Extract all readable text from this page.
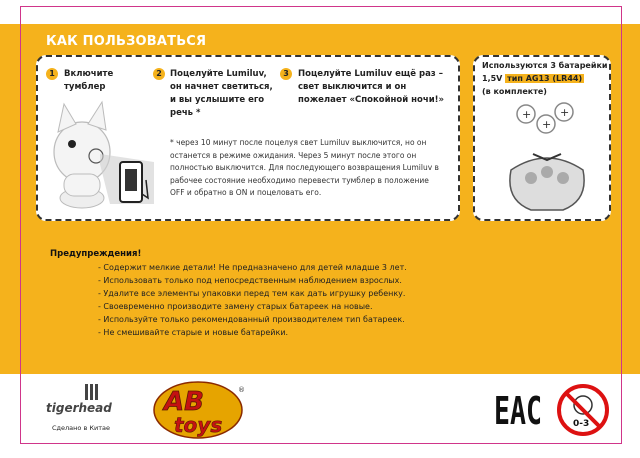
КАК ПОЛЬЗОВАТЬСЯ
1	Включите тумблер
2 Поцелуйте Lumiluv, он начнет светиться, и вы услышите его речь *
3	Поцелуйте Lumiluv ещё раз – свет выключится и он пожелает «Спокойной ночи!»
* через 10 минут после поцелуя свет Lumiluv выключится, но он останется в режиме ожидания. Через 5 минут после этого он полностью выключится. Для последующего возвращения Lumiluv в рабочее состояние необходимо перевести тумблер в положение OFF и обратно в ON и поцеловать его.
Используются 3 батарейки
1,5V тип AG13 (LR44)
(в комплекте)
+
+
+
Предупреждения!
- Содержит мелкие детали! Не предназначено для детей младше 3 лет.
- Использовать только под непосредственным наблюдением взрослых.
- Удалите все элементы упаковки перед тем как дать игрушку ребенку.
- Своевременно производите замену старых батареек на новые.
- Используйте только рекомендованный производителем тип батареек.
- Не смешивайте старые и новые батарейки.
tigerhead
Сделано в Китае
AB
toys
®	EAC	0-3
